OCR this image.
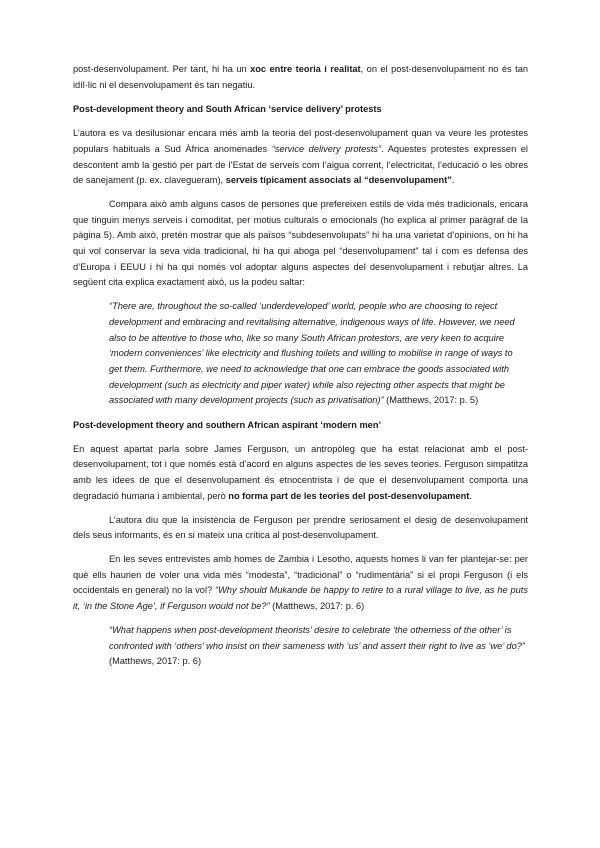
post-desenvolupament. Per tant, hi ha un xoc entre teoria i realitat, on el post-desenvolupament no és tan idíl·lic ni el desenvolupament és tan negatiu.

Post-development theory and South African ‘service delivery’ protests

L’autora es va desilusionar encara més amb la teoria del post-desenvolupament quan va veure les protestes populars habituals a Sud Àfrica anomenades “service delivery protests”. Aquestes protestes expressen el descontent amb la gestió per part de l’Estat de serveis com l’aigua corrent, l’electricitat, l’educació o les obres de sanejament (p. ex. clavegueram), serveis típicament associats al “desenvolupament”.

Compara això amb alguns casos de persones que prefereixen estils de vida més tradicionals, encara que tinguin menys serveis i comoditat, per motius culturals o emocionals (ho explica al primer paràgraf de la pàgina 5). Amb això, pretén mostrar que als països “subdesenvolupats” hi ha una varietat d’opinions, on hi ha qui vol conservar la seva vida tradicional, hi ha qui aboga pel “desenvolupament” tal i com es defensa des d’Europa i EEUU i hi ha qui només vol adoptar alguns aspectes del desenvolupament i rebutjar altres. La següent cita explica exactament això, us la podeu saltar:

“There are, throughout the so-called ‘underdeveloped’ world, people who are choosing to reject development and embracing and revitalising alternative, indigenous ways of life. However, we need also to be attentive to those who, like so many South African protestors, are very keen to acquire ‘modern conveniences’ like electricity and flushing toilets and willing to mobilise in range of ways to get them. Furthermore, we need to acknowledge that one can embrace the goods associated with development (such as electricity and piper water) while also rejecting other aspects that might be associated with many development projects (such as privatisation)” (Matthews, 2017: p. 5)

Post-development theory and southern African aspirant ‘modern men’

En aquest apartat parla sobre James Ferguson, un antropòleg que ha estat relacionat amb el post-desenvolupament, tot i que només està d’acord en alguns aspectes de les seves teories. Ferguson simpatitza amb les idees de que el desenvolupament és etnocentrista i de que el desenvolupament comporta una degradació humana i ambiental, però no forma part de les teories del post-desenvolupament.

L’autora diu que la insistència de Ferguson per prendre seriosament el desig de desenvolupament dels seus informants, és en si mateix una crítica al post-desenvolupament.

En les seves entrevistes amb homes de Zambia i Lesotho, aquests homes li van fer plantejar-se: per què ells haurien de voler una vida més “modesta”, “tradicional” o “rudimentària” si el propi Ferguson (i els occidentals en general) no la vol? “Why should Mukande be happy to retire to a rural village to live, as he puts it, ‘in the Stone Age’, if Ferguson would not be?” (Matthews, 2017: p. 6)

“What happens when post-development theorists’ desire to celebrate ‘the otherness of the other’ is confronted with ‘others’ who insist on their sameness with ‘us’ and assert their right to live as ‘we’ do?” (Matthews, 2017: p. 6)
